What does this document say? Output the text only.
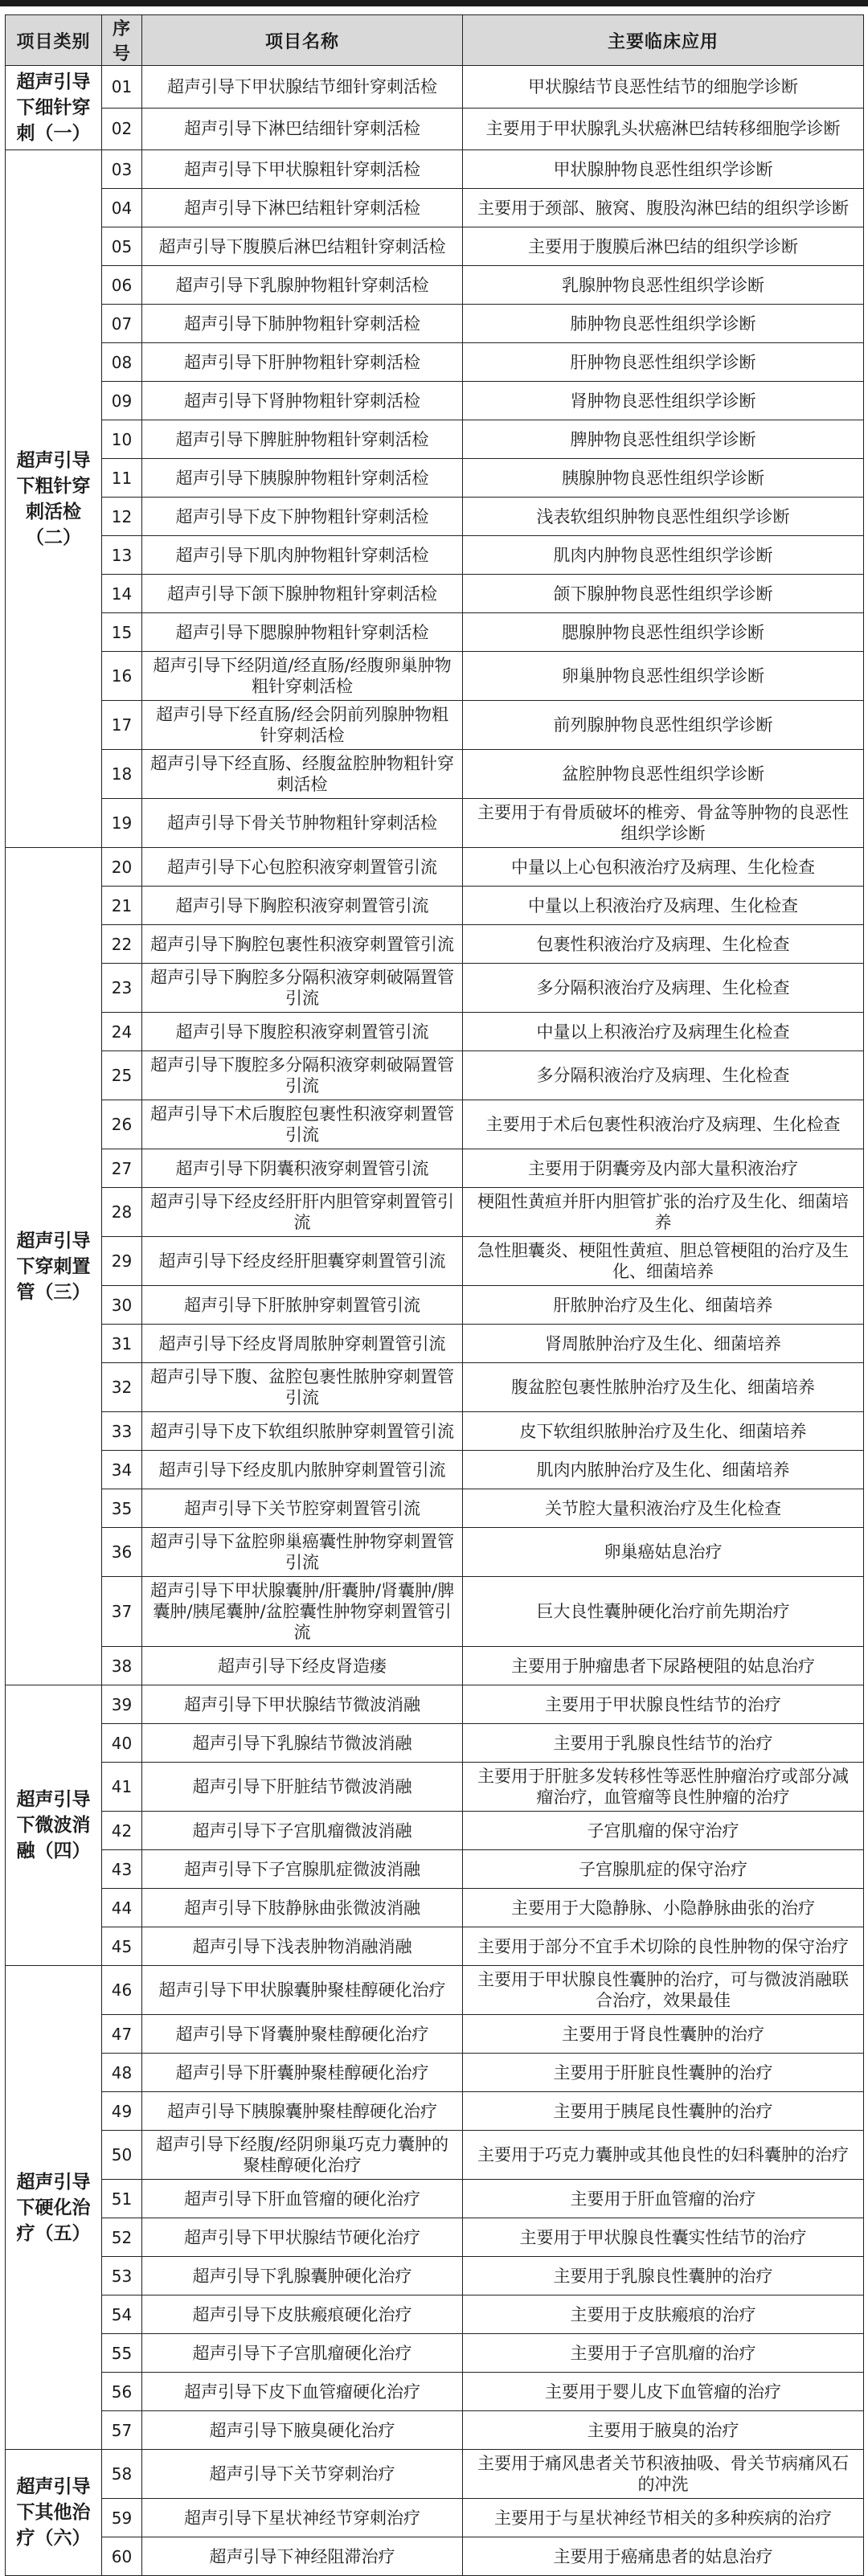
项目类别	序号	项目名称	主要临床应用
超声引导下细针穿刺（一）	01	超声引导下甲状腺结节细针穿刺活检	甲状腺结节良恶性结节的细胞学诊断
	02	超声引导下淋巴结细针穿刺活检	主要用于甲状腺乳头状癌淋巴结转移细胞学诊断
超声引导下粗针穿刺活检（二）	03	超声引导下甲状腺粗针穿刺活检	甲状腺肿物良恶性组织学诊断
	04	超声引导下淋巴结粗针穿刺活检	主要用于颈部、腋窝、腹股沟淋巴结的组织学诊断
	05	超声引导下腹膜后淋巴结粗针穿刺活检	主要用于腹膜后淋巴结的组织学诊断
	06	超声引导下乳腺肿物粗针穿刺活检	乳腺肿物良恶性组织学诊断
	07	超声引导下肺肿物粗针穿刺活检	肺肿物良恶性组织学诊断
	08	超声引导下肝肿物粗针穿刺活检	肝肿物良恶性组织学诊断
	09	超声引导下肾肿物粗针穿刺活检	肾肿物良恶性组织学诊断
	10	超声引导下脾脏肿物粗针穿刺活检	脾肿物良恶性组织学诊断
	11	超声引导下胰腺肿物粗针穿刺活检	胰腺肿物良恶性组织学诊断
	12	超声引导下皮下肿物粗针穿刺活检	浅表软组织肿物良恶性组织学诊断
	13	超声引导下肌肉肿物粗针穿刺活检	肌肉内肿物良恶性组织学诊断
	14	超声引导下颌下腺肿物粗针穿刺活检	颌下腺肿物良恶性组织学诊断
	15	超声引导下腮腺肿物粗针穿刺活检	腮腺肿物良恶性组织学诊断
	16	超声引导下经阴道/经直肠/经腹卵巢肿物粗针穿刺活检	卵巢肿物良恶性组织学诊断
	17	超声引导下经直肠/经会阴前列腺肿物粗针穿刺活检	前列腺肿物良恶性组织学诊断
	18	超声引导下经直肠、经腹盆腔肿物粗针穿刺活检	盆腔肿物良恶性组织学诊断
	19	超声引导下骨关节肿物粗针穿刺活检	主要用于有骨质破坏的椎旁、骨盆等肿物的良恶性组织学诊断
超声引导下穿刺置管（三）	20	超声引导下心包腔积液穿刺置管引流	中量以上心包积液治疗及病理、生化检查
	21	超声引导下胸腔积液穿刺置管引流	中量以上积液治疗及病理、生化检查
	22	超声引导下胸腔包裹性积液穿刺置管引流	包裹性积液治疗及病理、生化检查
	23	超声引导下胸腔多分隔积液穿刺破隔置管引流	多分隔积液治疗及病理、生化检查
	24	超声引导下腹腔积液穿刺置管引流	中量以上积液治疗及病理生化检查
	25	超声引导下腹腔多分隔积液穿刺破隔置管引流	多分隔积液治疗及病理、生化检查
	26	超声引导下术后腹腔包裹性积液穿刺置管引流	主要用于术后包裹性积液治疗及病理、生化检查
	27	超声引导下阴囊积液穿刺置管引流	主要用于阴囊旁及内部大量积液治疗
	28	超声引导下经皮经肝肝内胆管穿刺置管引流	梗阻性黄疸并肝内胆管扩张的治疗及生化、细菌培养
	29	超声引导下经皮经肝胆囊穿刺置管引流	急性胆囊炎、梗阻性黄疸、胆总管梗阻的治疗及生化、细菌培养
	30	超声引导下肝脓肿穿刺置管引流	肝脓肿治疗及生化、细菌培养
	31	超声引导下经皮肾周脓肿穿刺置管引流	肾周脓肿治疗及生化、细菌培养
	32	超声引导下腹、盆腔包裹性脓肿穿刺置管引流	腹盆腔包裹性脓肿治疗及生化、细菌培养
	33	超声引导下皮下软组织脓肿穿刺置管引流	皮下软组织脓肿治疗及生化、细菌培养
	34	超声引导下经皮肌内脓肿穿刺置管引流	肌肉内脓肿治疗及生化、细菌培养
	35	超声引导下关节腔穿刺置管引流	关节腔大量积液治疗及生化检查
	36	超声引导下盆腔卵巢癌囊性肿物穿刺置管引流	卵巢癌姑息治疗
	37	超声引导下甲状腺囊肿/肝囊肿/肾囊肿/脾囊肿/胰尾囊肿/盆腔囊性肿物穿刺置管引流	巨大良性囊肿硬化治疗前先期治疗
	38	超声引导下经皮肾造瘘	主要用于肿瘤患者下尿路梗阻的姑息治疗
超声引导下微波消融（四）	39	超声引导下甲状腺结节微波消融	主要用于甲状腺良性结节的治疗
	40	超声引导下乳腺结节微波消融	主要用于乳腺良性结节的治疗
	41	超声引导下肝脏结节微波消融	主要用于肝脏多发转移性等恶性肿瘤治疗或部分减瘤治疗，血管瘤等良性肿瘤的治疗
	42	超声引导下子宫肌瘤微波消融	子宫肌瘤的保守治疗
	43	超声引导下子宫腺肌症微波消融	子宫腺肌症的保守治疗
	44	超声引导下肢静脉曲张微波消融	主要用于大隐静脉、小隐静脉曲张的治疗
	45	超声引导下浅表肿物消融消融	主要用于部分不宜手术切除的良性肿物的保守治疗
超声引导下硬化治疗（五）	46	超声引导下甲状腺囊肿聚桂醇硬化治疗	主要用于甲状腺良性囊肿的治疗，可与微波消融联合治疗，效果最佳
	47	超声引导下肾囊肿聚桂醇硬化治疗	主要用于肾良性囊肿的治疗
	48	超声引导下肝囊肿聚桂醇硬化治疗	主要用于肝脏良性囊肿的治疗
	49	超声引导下胰腺囊肿聚桂醇硬化治疗	主要用于胰尾良性囊肿的治疗
	50	超声引导下经腹/经阴卵巢巧克力囊肿的聚桂醇硬化治疗	主要用于巧克力囊肿或其他良性的妇科囊肿的治疗
	51	超声引导下肝血管瘤的硬化治疗	主要用于肝血管瘤的治疗
	52	超声引导下甲状腺结节硬化治疗	主要用于甲状腺良性囊实性结节的治疗
	53	超声引导下乳腺囊肿硬化治疗	主要用于乳腺良性囊肿的治疗
	54	超声引导下皮肤瘢痕硬化治疗	主要用于皮肤瘢痕的治疗
	55	超声引导下子宫肌瘤硬化治疗	主要用于子宫肌瘤的治疗
	56	超声引导下皮下血管瘤硬化治疗	主要用于婴儿皮下血管瘤的治疗
	57	超声引导下腋臭硬化治疗	主要用于腋臭的治疗
超声引导下其他治疗（六）	58	超声引导下关节穿刺治疗	主要用于痛风患者关节积液抽吸、骨关节病痛风石的冲洗
	59	超声引导下星状神经节穿刺治疗	主要用于与星状神经节相关的多种疾病的治疗
	60	超声引导下神经阻滞治疗	主要用于癌痛患者的姑息治疗
